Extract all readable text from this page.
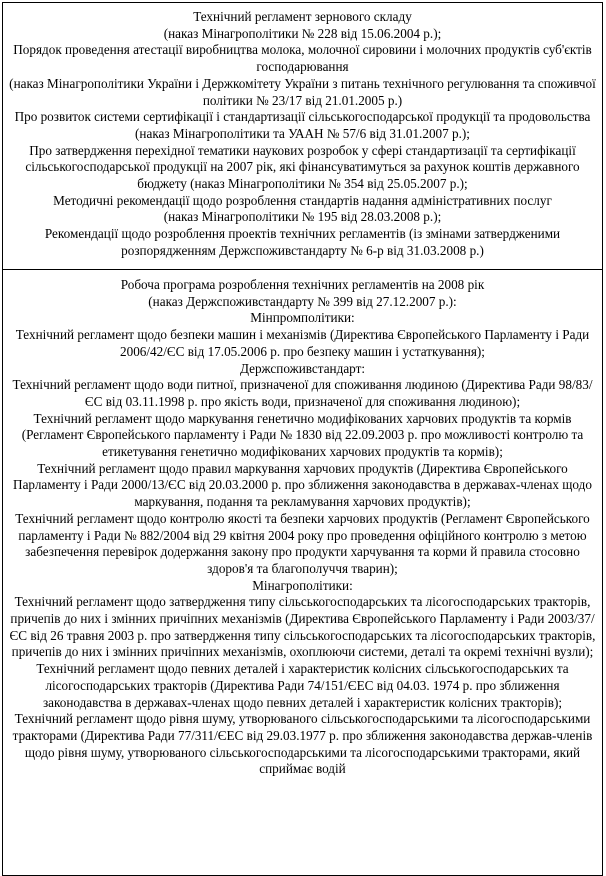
Технічний регламент зернового складу
(наказ Мінагрополітики № 228 від 15.06.2004 р.);
Порядок проведення атестації виробництва молока, молочної сировини і молочних продуктів суб'єктів господарювання
(наказ Мінагрополітики України і Держкомітету України з питань технічного регулювання та споживчої політики № 23/17 від 21.01.2005 р.)
Про розвиток системи сертифікації і стандартизації сільськогосподарської продукції та продовольства (наказ Мінагрополітики та УААН № 57/6 від 31.01.2007 р.);
Про затвердження перехідної тематики наукових розробок у сфері стандартизації та сертифікації сільськогосподарської продукції на 2007 рік, які фінансуватимуться за рахунок коштів державного бюджету (наказ Мінагрополітики № 354 від 25.05.2007 р.);
Методичні рекомендації щодо розроблення стандартів надання адміністративних послуг
(наказ Мінагрополітики № 195 від 28.03.2008 р.);
Рекомендації щодо розроблення проектів технічних регламентів (із змінами затвердженими розпорядженням Держспоживстандарту № 6-р від 31.03.2008 р.)
Робоча програма розроблення технічних регламентів на 2008 рік
(наказ Держспоживстандарту № 399 від 27.12.2007 р.):
Мінпромполітики:
Технічний регламент щодо безпеки машин і механізмів (Директива Європейського Парламенту і Ради 2006/42/ЄС від 17.05.2006 р. про безпеку машин і устаткування);
Держспоживстандарт:
Технічний регламент щодо води питної, призначеної для споживання людиною (Директива Ради 98/83/ЄС від 03.11.1998 р. про якість води, призначеної для споживання людиною);
Технічний регламент щодо маркування генетично модифікованих харчових продуктів та кормів (Регламент Європейського парламенту і Ради № 1830 від 22.09.2003 р. про можливості контролю та етикетування генетично модифікованих харчових продуктів та кормів);
Технічний регламент щодо правил маркування харчових продуктів (Директива Європейського Парламенту і Ради 2000/13/ЄС від 20.03.2000 р. про зближення законодавства в державах-членах щодо маркування, подання та рекламування харчових продуктів);
Технічний регламент щодо контролю якості та безпеки харчових продуктів (Регламент Європейського парламенту і Ради № 882/2004 від 29 квітня 2004 року про проведення офіційного контролю з метою забезпечення перевірок додержання закону про продукти харчування та корми й правила стосовно здоров'я та благополуччя тварин);
Мінагрополітики:
Технічний регламент щодо затвердження типу сільськогосподарських та лісогосподарських тракторів, причепів до них і змінних причіпних механізмів (Директива Європейського Парламенту і Ради 2003/37/ЄС від 26 травня 2003 р. про затвердження типу сільськогосподарських та лісогосподарських тракторів, причепів до них і змінних причіпних механізмів, охоплюючи системи, деталі та окремі технічні вузли);
Технічний регламент щодо певних деталей і характеристик колісних сільськогосподарських та лісогосподарських тракторів (Директива Ради 74/151/ЄЕС від 04.03. 1974 р. про зближення законодавства в державах-членах щодо певних деталей і характеристик колісних тракторів);
Технічний регламент щодо рівня шуму, утворюваного сільськогосподарськими та лісогосподарськими тракторами (Директива Ради 77/311/ЄЕС від 29.03.1977 р. про зближення законодавства держав-членів щодо рівня шуму, утворюваного сільськогосподарськими та лісогосподарськими тракторами, який сприймає водій
